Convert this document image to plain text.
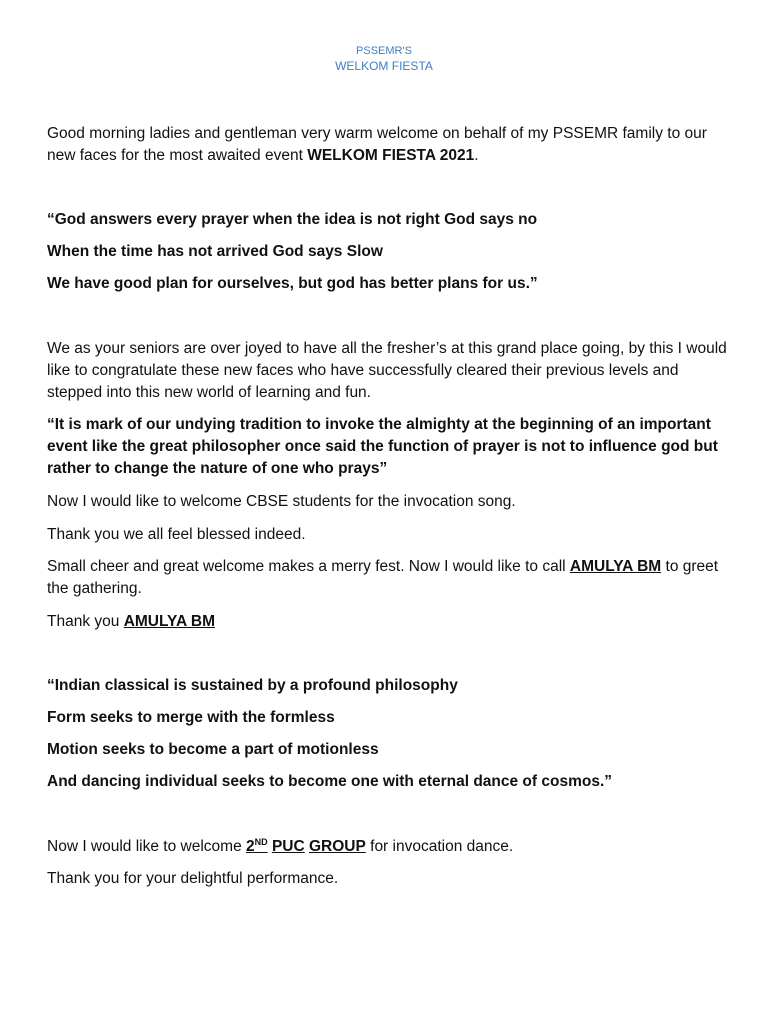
PSSEMR'S
WELKOM FIESTA
Good morning ladies and gentleman very warm welcome on behalf of my PSSEMR family to our new faces for the most awaited event WELKOM FIESTA 2021.
“God answers every prayer when the idea is not right God says no
When the time has not arrived God says Slow
We have good plan for ourselves, but god has better plans for us.”
We as your seniors are over joyed to have all the fresher’s at this grand place going, by this I would like to congratulate these new faces who have successfully cleared their previous levels and stepped into this new world of learning and fun.
“It is mark of our undying tradition to invoke the almighty at the beginning of an important event like the great philosopher once said the function of prayer is not to influence god but rather to change the nature of one who prays”
Now I would like to welcome CBSE students for the invocation song.
Thank you we all feel blessed indeed.
Small cheer and great welcome makes a merry fest. Now I would like to call AMULYA BM to greet the gathering.
Thank you AMULYA BM
“Indian classical is sustained by a profound philosophy
Form seeks to merge with the formless
Motion seeks to become a part of motionless
And dancing individual seeks to become one with eternal dance of cosmos.”
Now I would like to welcome 2ND PUC GROUP for invocation dance.
Thank you for your delightful performance.
